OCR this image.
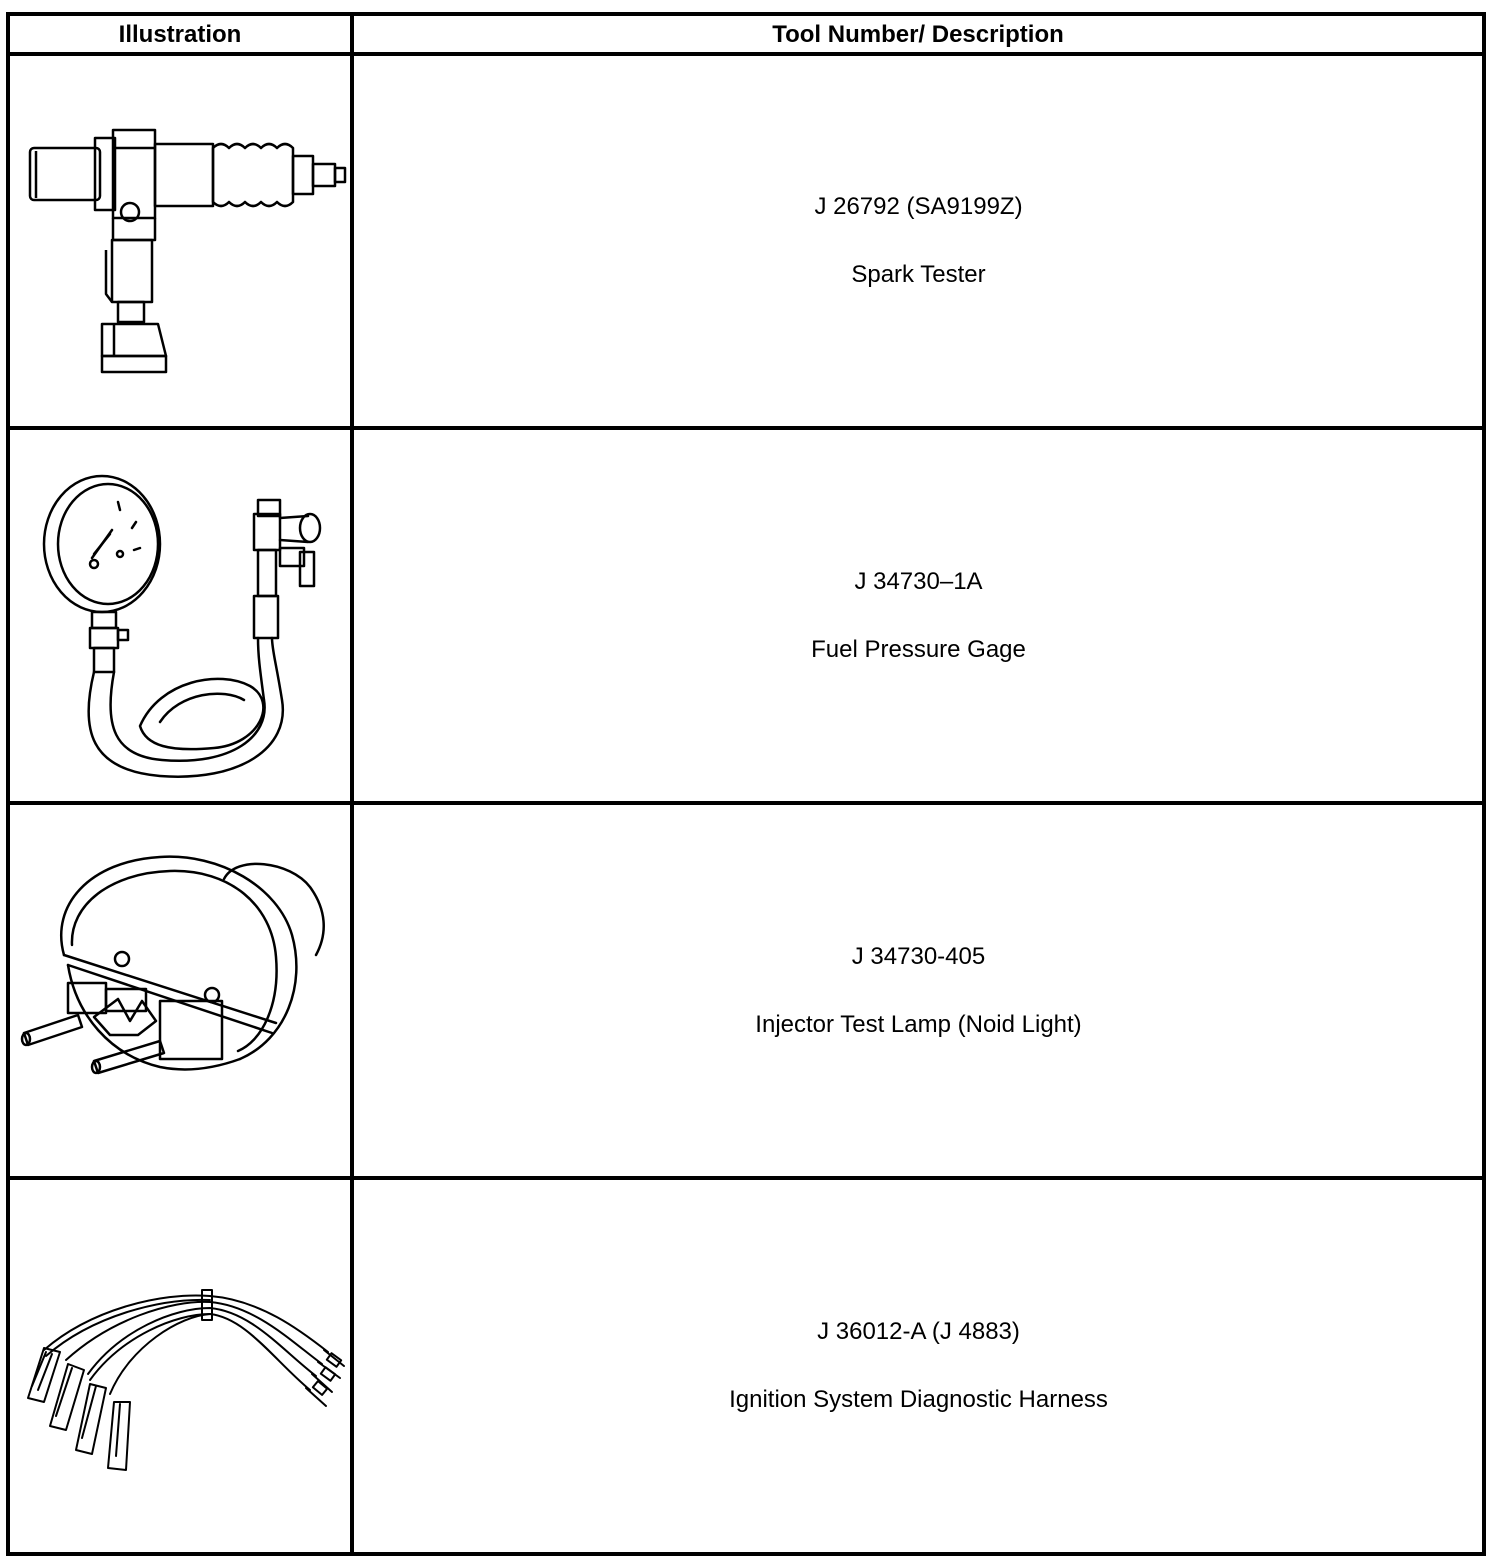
Illustration	Tool Number/ Description
J 26792 (SA9199Z)
Spark Tester
J 34730–1A
Fuel Pressure Gage
J 34730-405
Injector Test Lamp (Noid Light)
J 36012-A (J 4883)
Ignition System Diagnostic Harness
